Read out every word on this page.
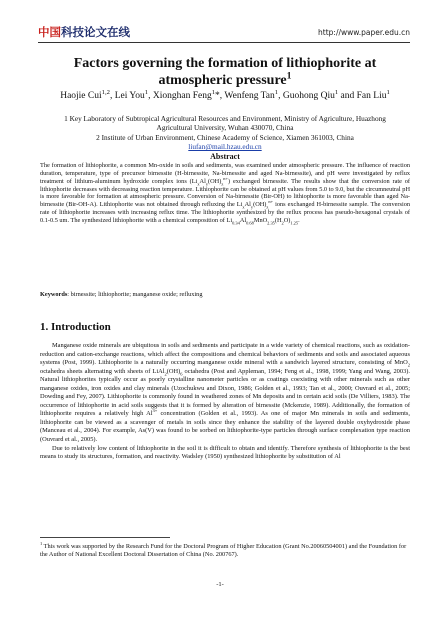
中国科技论文在线	http://www.paper.edu.cn
Factors governing the formation of lithiophorite at atmospheric pressure$^1$
Haojie Cui$^{1,2}$, Lei You$^1$, Xionghan Feng$^1$*, Wenfeng Tan$^1$, Guohong Qiu$^1$ and Fan Liu$^1$
1 Key Laboratory of Subtropical Agricultural Resources and Environment, Ministry of Agriculture, Huazhong Agricultural University, Wuhan 430070, China
2 Institute of Urban Environment, Chinese Academy of Science, Xiamen 361003, China
liufan@mail.hzau.edu.cn
Abstract
The formation of lithiophorite, a common Mn-oxide in soils and sediments, was examined under atmospheric pressure. The influence of reaction duration, temperature, type of precursor birnessite (H-birnessite, Na-birnessite and aged Na-birnessite), and pH were investigated by reflux treatment of lithium-aluminum hydroxide complex ions $(Li_xAl_y(OH)_z^{n+})$ exchanged birnessite. The results show that the conversion rate of lithiophorite decreases with decreasing reaction temperature. Lithiophorite can be obtained at pH values from 5.0 to 9.0, but the circumneutral pH is more favorable for formation at atmospheric pressure. Conversion of Na-birnessite (Bir-OH) to lithiophorite is more favorable than aged Na-birnessite (Bir-OH-A). Lithiophorite was not obtained through refluxing the $Li_xAl_y(OH)_z^{n+}$ ions exchanged H-birnessite sample. The conversion rate of lithiophorite increases with increasing reflux time. The lithiophorite synthesized by the reflux process has pseudo-hexagonal crystals of 0.1-0.5 um. The synthesized lithiophorite with a chemical composition of $Li_{0.34}Al_{0.68}MnO_{2.35}(H_2O)_{1.25}$.
Keywords: birnessite; lithiophorite; manganese oxide; refluxing
1. Introduction

Manganese oxide minerals are ubiquitous in soils and sediments and participate in a wide variety of chemical reactions, such as oxidation-reduction and cation-exchange reactions, which affect the compositions and chemical behaviors of sediments and soils and associated aqueous systems (Post, 1999). Lithiophorite is a naturally occurring manganese oxide mineral with a sandwich layered structure, consisting of MnO$_2$ octahedra sheets alternating with sheets of $LiAl_2(OH)_6$ octahedra (Post and Appleman, 1994; Feng et al., 1998, 1999; Yang and Wang, 2003). Natural lithiophorites typically occur as poorly crystalline nanometer particles or as coatings coexisting with other minerals such as other manganese oxides, iron oxides and clay minerals (Uzochukwu and Dixon, 1986; Golden et al., 1993; Tan et al., 2000; Ouvrard et al., 2005; Dowding and Fey, 2007). Lithiophorite is commonly found in weathered zones of Mn deposits and in certain acid soils (De Villiers, 1983). The occurrence of lithiophorite in acid soils suggests that it is formed by alteration of birnessite (Mckenzie, 1989). Additionally, the formation of lithiophorite requires a relatively high $Al^{3+}$ concentration (Golden et al., 1993). As one of major Mn minerals in soils and sediments, lithiophorite can be viewed as a scavenger of metals in soils since they enhance the stability of the layered double oxyhydroxide phase (Manceau et al., 2004). For example, As(V) was found to be sorbed on lithiophorite-type particles through surface complexation type reaction (Ouvrard et al., 2005).

Due to relatively low content of lithiophorite in the soil it is difficult to obtain and identify. Therefore synthesis of lithiophorite is the best means to study its structures, formation, and reactivity. Wadsley (1950) synthesized lithiophorite by substitution of Al

$^1$ This work was supported by the Research Fund for the Doctoral Program of Higher Education (Grant No.20060504001) and the Foundation for the Author of National Excellent Doctoral Dissertation of China (No. 200767).
-1-
